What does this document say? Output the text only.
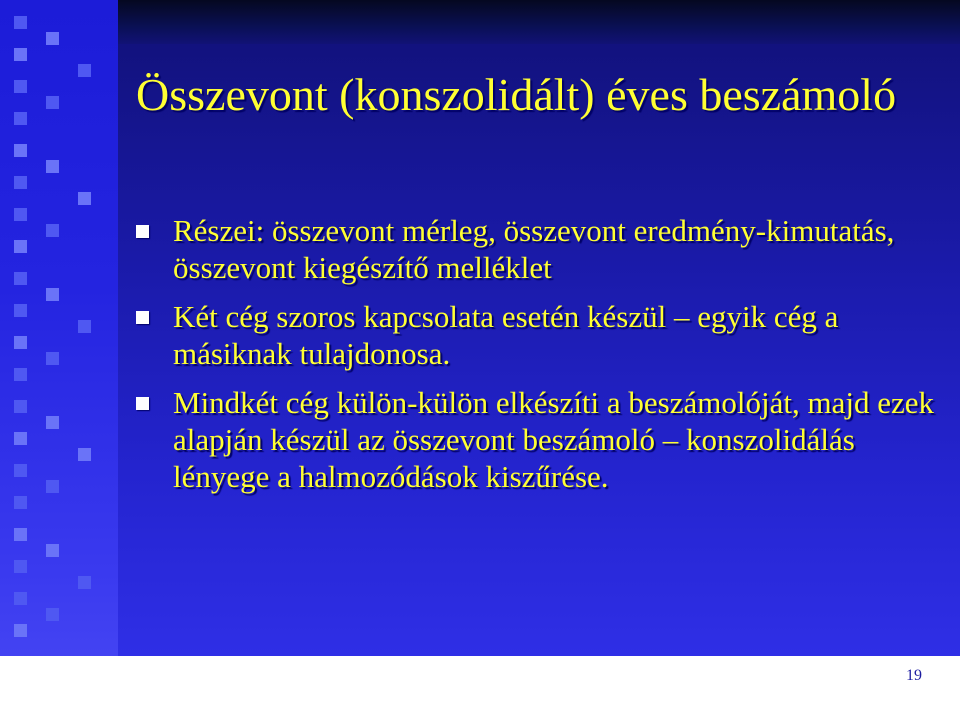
Összevont (konszolidált) éves beszámoló
Részei: összevont mérleg, összevont eredmény-kimutatás, összevont kiegészítő melléklet
Két cég szoros kapcsolata esetén készül – egyik cég a másiknak tulajdonosa.
Mindkét cég külön-külön elkészíti a beszámolóját, majd ezek alapján készül az összevont beszámoló – konszolidálás lényege a halmozódások kiszűrése.
19
